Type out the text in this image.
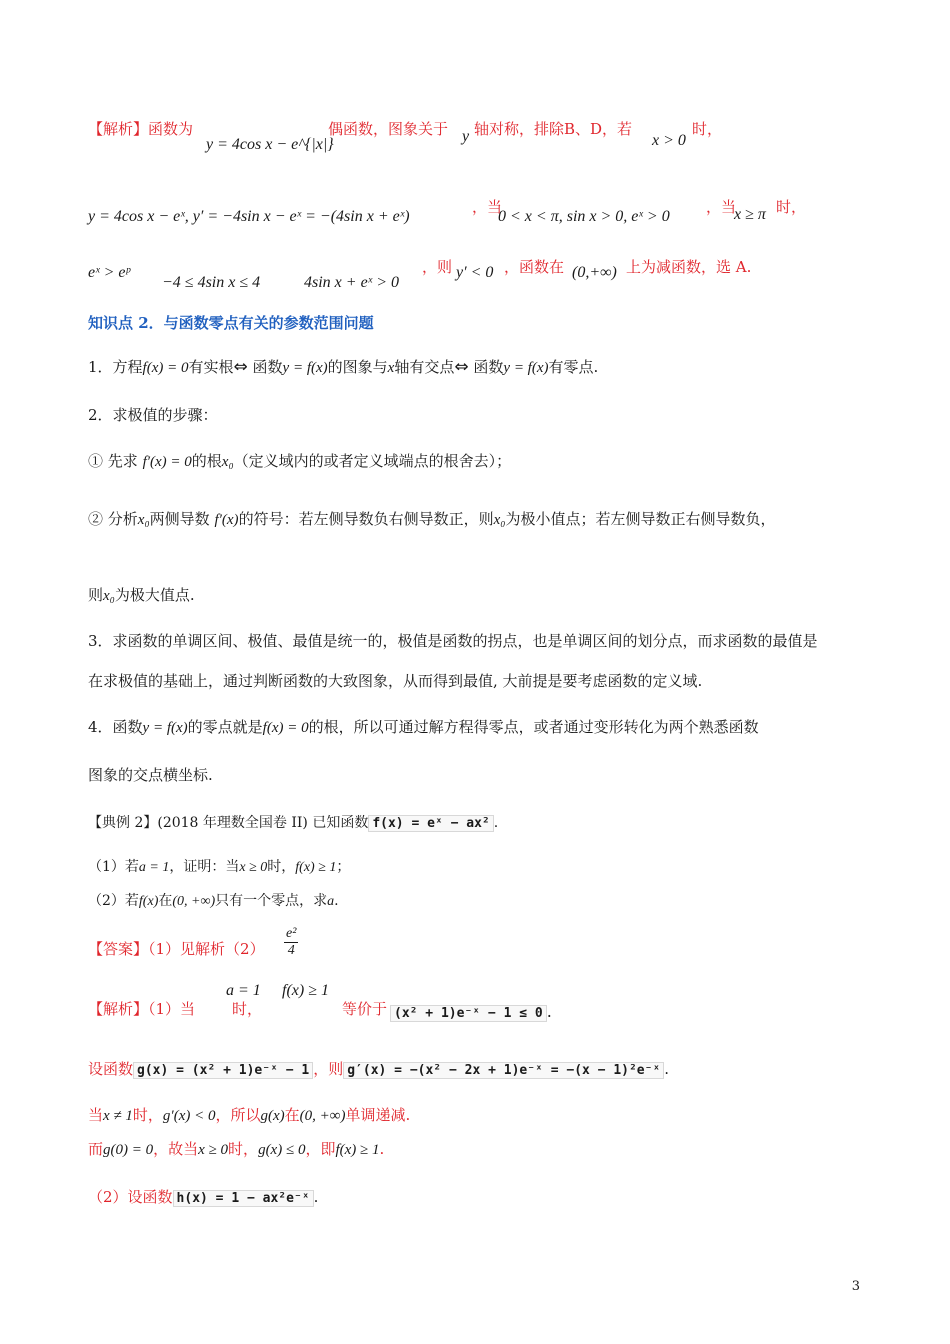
【解析】函数为
y = 4cos x − e^{|x|}
偶函数，图象关于 y 轴对称，排除B、D，若
x > 0
时，
y = 4cos x − eˣ, y′ = −4sin x − eˣ = −(4sin x + eˣ)
，当
0 < x < π, sin x > 0, eˣ > 0
，当
x ≥ π 时，
eˣ > eᵖ
−4 ≤ 4sin x ≤ 4	4sin x + eˣ > 0
，则 y′ < 0 ，函数在 (0,+∞) 上为减函数，选 A.
知识点 2．与函数零点有关的参数范围问题
1．方程f(x) = 0有实根⇔ 函数y = f(x)的图象与x轴有交点⇔ 函数y = f(x)有零点.
2．求极值的步骤：
① 先求 f′(x) = 0的根x₀（定义域内的或者定义域端点的根舍去）；
② 分析x₀两侧导数 f′(x)的符号：若左侧导数负右侧导数正，则x₀为极小值点；若左侧导数正右侧导数负，
则x₀为极大值点.
3．求函数的单调区间、极值、最值是统一的，极值是函数的拐点，也是单调区间的划分点，而求函数的最值是
在求极值的基础上，通过判断函数的大致图象，从而得到最值, 大前提是要考虑函数的定义域.
4．函数y = f(x)的零点就是f(x) = 0的根，所以可通过解方程得零点，或者通过变形转化为两个熟悉函数
图象的交点横坐标.
【典例 2】(2018 年理数全国卷 II) 已知函数 f(x) = eˣ − ax² .
（1）若a = 1，证明：当x ≥ 0时，f(x) ≥ 1；
（2）若f(x)在(0, +∞)只有一个零点，求a.
【答案】（1）见解析$(2) \frac{\text{e²}}{4}$
【解析】（1）当
a = 1
时，
f(x) ≥ 1
等价于 (x² + 1)e⁻ˣ − 1 ≤ 0 .
设函数 g(x) = (x² + 1)e⁻ˣ − 1 ，则 g′(x) = −(x² − 2x + 1)e⁻ˣ = −(x − 1)²e⁻ˣ .
当x ≠ 1时，g′(x) < 0，所以g(x)在(0, +∞)单调递减.
而g(0) = 0，故当x ≥ 0时，g(x) ≤ 0，即f(x) ≥ 1.
（2）设函数 h(x) = 1 − ax²e⁻ˣ .
3
